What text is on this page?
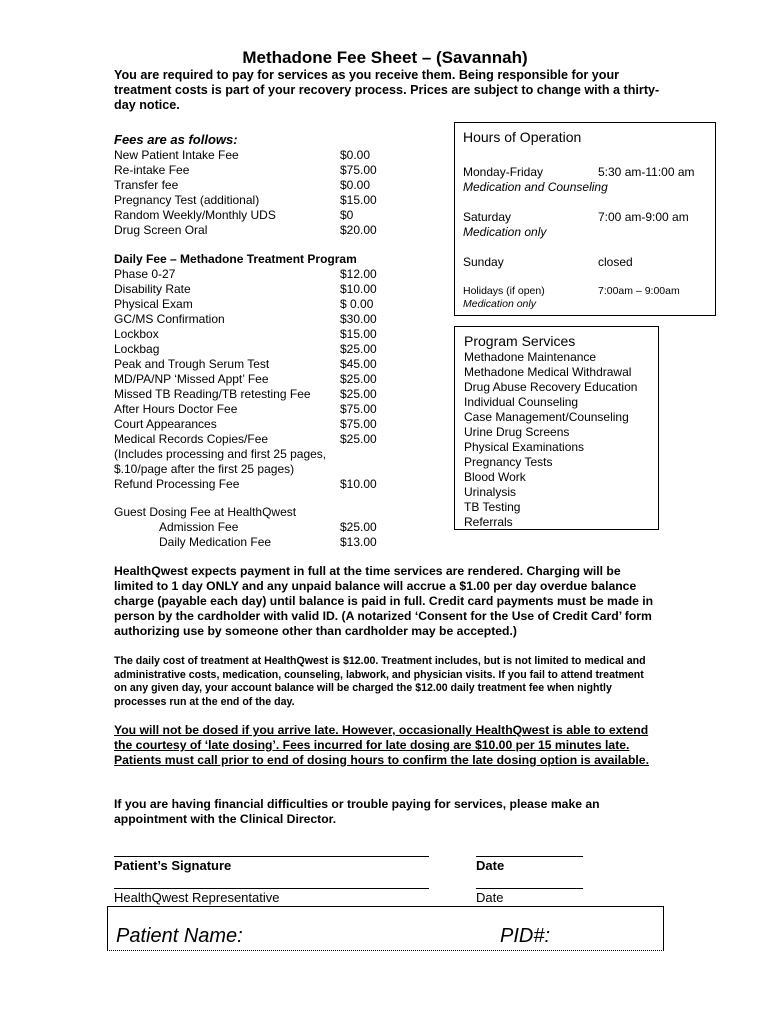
Methadone Fee Sheet – (Savannah)
You are required to pay for services as you receive them. Being responsible for your treatment costs is part of your recovery process. Prices are subject to change with a thirty-day notice.
Fees are as follows:
New Patient Intake Fee	$0.00
Re-intake Fee	$75.00
Transfer fee	$0.00
Pregnancy Test (additional)	$15.00
Random Weekly/Monthly UDS	$0
Drug Screen Oral	$20.00
Daily Fee – Methadone Treatment Program
Phase 0-27	$12.00
Disability Rate	$10.00
Physical Exam	$ 0.00
GC/MS Confirmation	$30.00
Lockbox	$15.00
Lockbag	$25.00
Peak and Trough Serum Test	$45.00
MD/PA/NP ‘Missed Appt’ Fee	$25.00
Missed TB Reading/TB retesting Fee	$25.00
After Hours Doctor Fee	$75.00
Court Appearances	$75.00
Medical Records Copies/Fee	$25.00
(Includes processing and first 25 pages,
$.10/page after the first 25 pages)
Refund Processing Fee	$10.00
Guest Dosing Fee at HealthQwest
Admission Fee	$25.00
Daily Medication Fee	$13.00
Hours of Operation
Monday-Friday	5:30 am-11:00 am
Medication and Counseling
Saturday	7:00 am-9:00 am
Medication only
Sunday	closed
Holidays (if open)	7:00am – 9:00am
Medication only
Program Services
Methadone Maintenance
Methadone Medical Withdrawal
Drug Abuse Recovery Education
Individual Counseling
Case Management/Counseling
Urine Drug Screens
Physical Examinations
Pregnancy Tests
Blood Work
Urinalysis
TB Testing
Referrals
HealthQwest expects payment in full at the time services are rendered. Charging will be limited to 1 day ONLY and any unpaid balance will accrue a $1.00 per day overdue balance charge (payable each day) until balance is paid in full. Credit card payments must be made in person by the cardholder with valid ID. (A notarized ‘Consent for the Use of Credit Card’ form authorizing use by someone other than cardholder may be accepted.)
The daily cost of treatment at HealthQwest is $12.00. Treatment includes, but is not limited to medical and administrative costs, medication, counseling, labwork, and physician visits. If you fail to attend treatment on any given day, your account balance will be charged the $12.00 daily treatment fee when nightly processes run at the end of the day.
You will not be dosed if you arrive late. However, occasionally HealthQwest is able to extend the courtesy of ‘late dosing’. Fees incurred for late dosing are $10.00 per 15 minutes late. Patients must call prior to end of dosing hours to confirm the late dosing option is available.
If you are having financial difficulties or trouble paying for services, please make an appointment with the Clinical Director.
Patient’s Signature	Date
HealthQwest Representative	Date
Patient Name:	PID#:
